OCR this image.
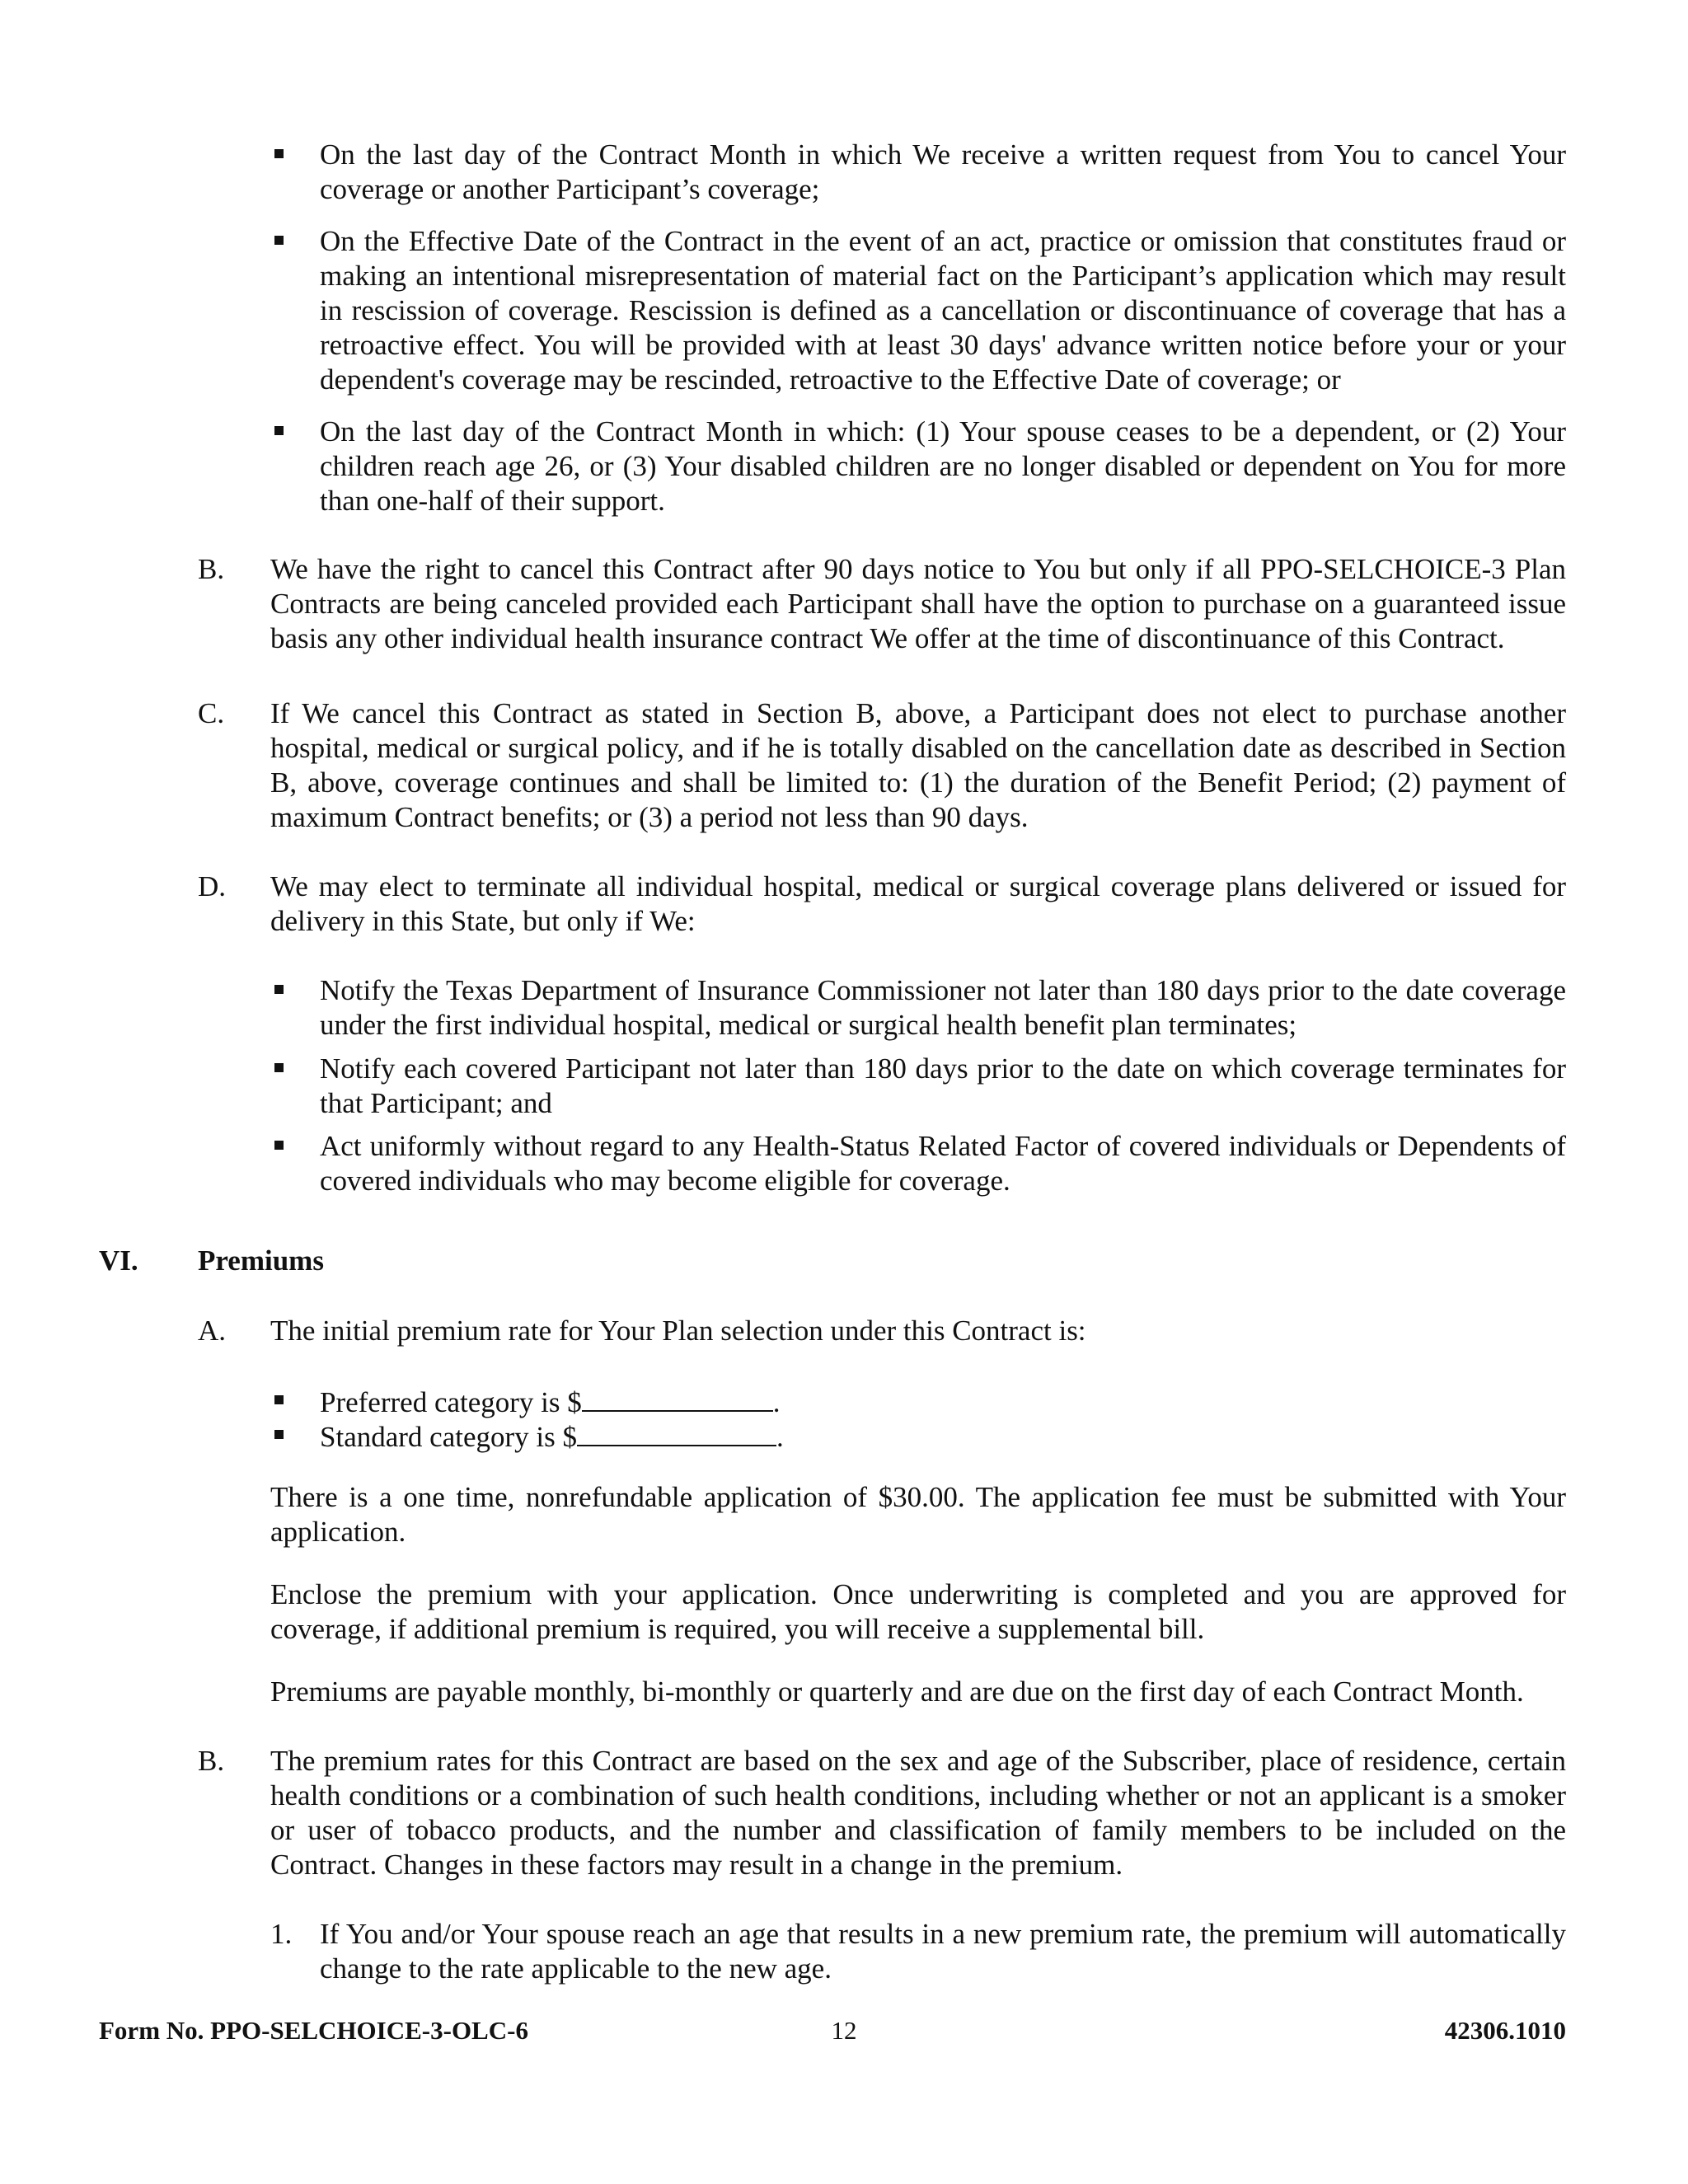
On the last day of the Contract Month in which We receive a written request from You to cancel Your coverage or another Participant’s coverage;
On the Effective Date of the Contract in the event of an act, practice or omission that constitutes fraud or making an intentional misrepresentation of material fact on the Participant’s application which may result in rescission of coverage. Rescission is defined as a cancellation or discontinuance of coverage that has a retroactive effect. You will be provided with at least 30 days' advance written notice before your or your dependent's coverage may be rescinded, retroactive to the Effective Date of coverage; or
On the last day of the Contract Month in which: (1) Your spouse ceases to be a dependent, or (2) Your children reach age 26, or (3) Your disabled children are no longer disabled or dependent on You for more than one-half of their support.
B. We have the right to cancel this Contract after 90 days notice to You but only if all PPO-SELCHOICE-3 Plan Contracts are being canceled provided each Participant shall have the option to purchase on a guaranteed issue basis any other individual health insurance contract We offer at the time of discontinuance of this Contract.
C. If We cancel this Contract as stated in Section B, above, a Participant does not elect to purchase another hospital, medical or surgical policy, and if he is totally disabled on the cancellation date as described in Section B, above, coverage continues and shall be limited to: (1) the duration of the Benefit Period; (2) payment of maximum Contract benefits; or (3) a period not less than 90 days.
D. We may elect to terminate all individual hospital, medical or surgical coverage plans delivered or issued for delivery in this State, but only if We:
Notify the Texas Department of Insurance Commissioner not later than 180 days prior to the date coverage under the first individual hospital, medical or surgical health benefit plan terminates;
Notify each covered Participant not later than 180 days prior to the date on which coverage terminates for that Participant; and
Act uniformly without regard to any Health-Status Related Factor of covered individuals or Dependents of covered individuals who may become eligible for coverage.
VI. Premiums
A. The initial premium rate for Your Plan selection under this Contract is:
Preferred category is $	.
Standard category is $	.
There is a one time, nonrefundable application of $30.00. The application fee must be submitted with Your application.
Enclose the premium with your application. Once underwriting is completed and you are approved for coverage, if additional premium is required, you will receive a supplemental bill.
Premiums are payable monthly, bi-monthly or quarterly and are due on the first day of each Contract Month.
B. The premium rates for this Contract are based on the sex and age of the Subscriber, place of residence, certain health conditions or a combination of such health conditions, including whether or not an applicant is a smoker or user of tobacco products, and the number and classification of family members to be included on the Contract. Changes in these factors may result in a change in the premium.
1. If You and/or Your spouse reach an age that results in a new premium rate, the premium will automatically change to the rate applicable to the new age.
Form No. PPO-SELCHOICE-3-OLC-6	12	42306.1010
